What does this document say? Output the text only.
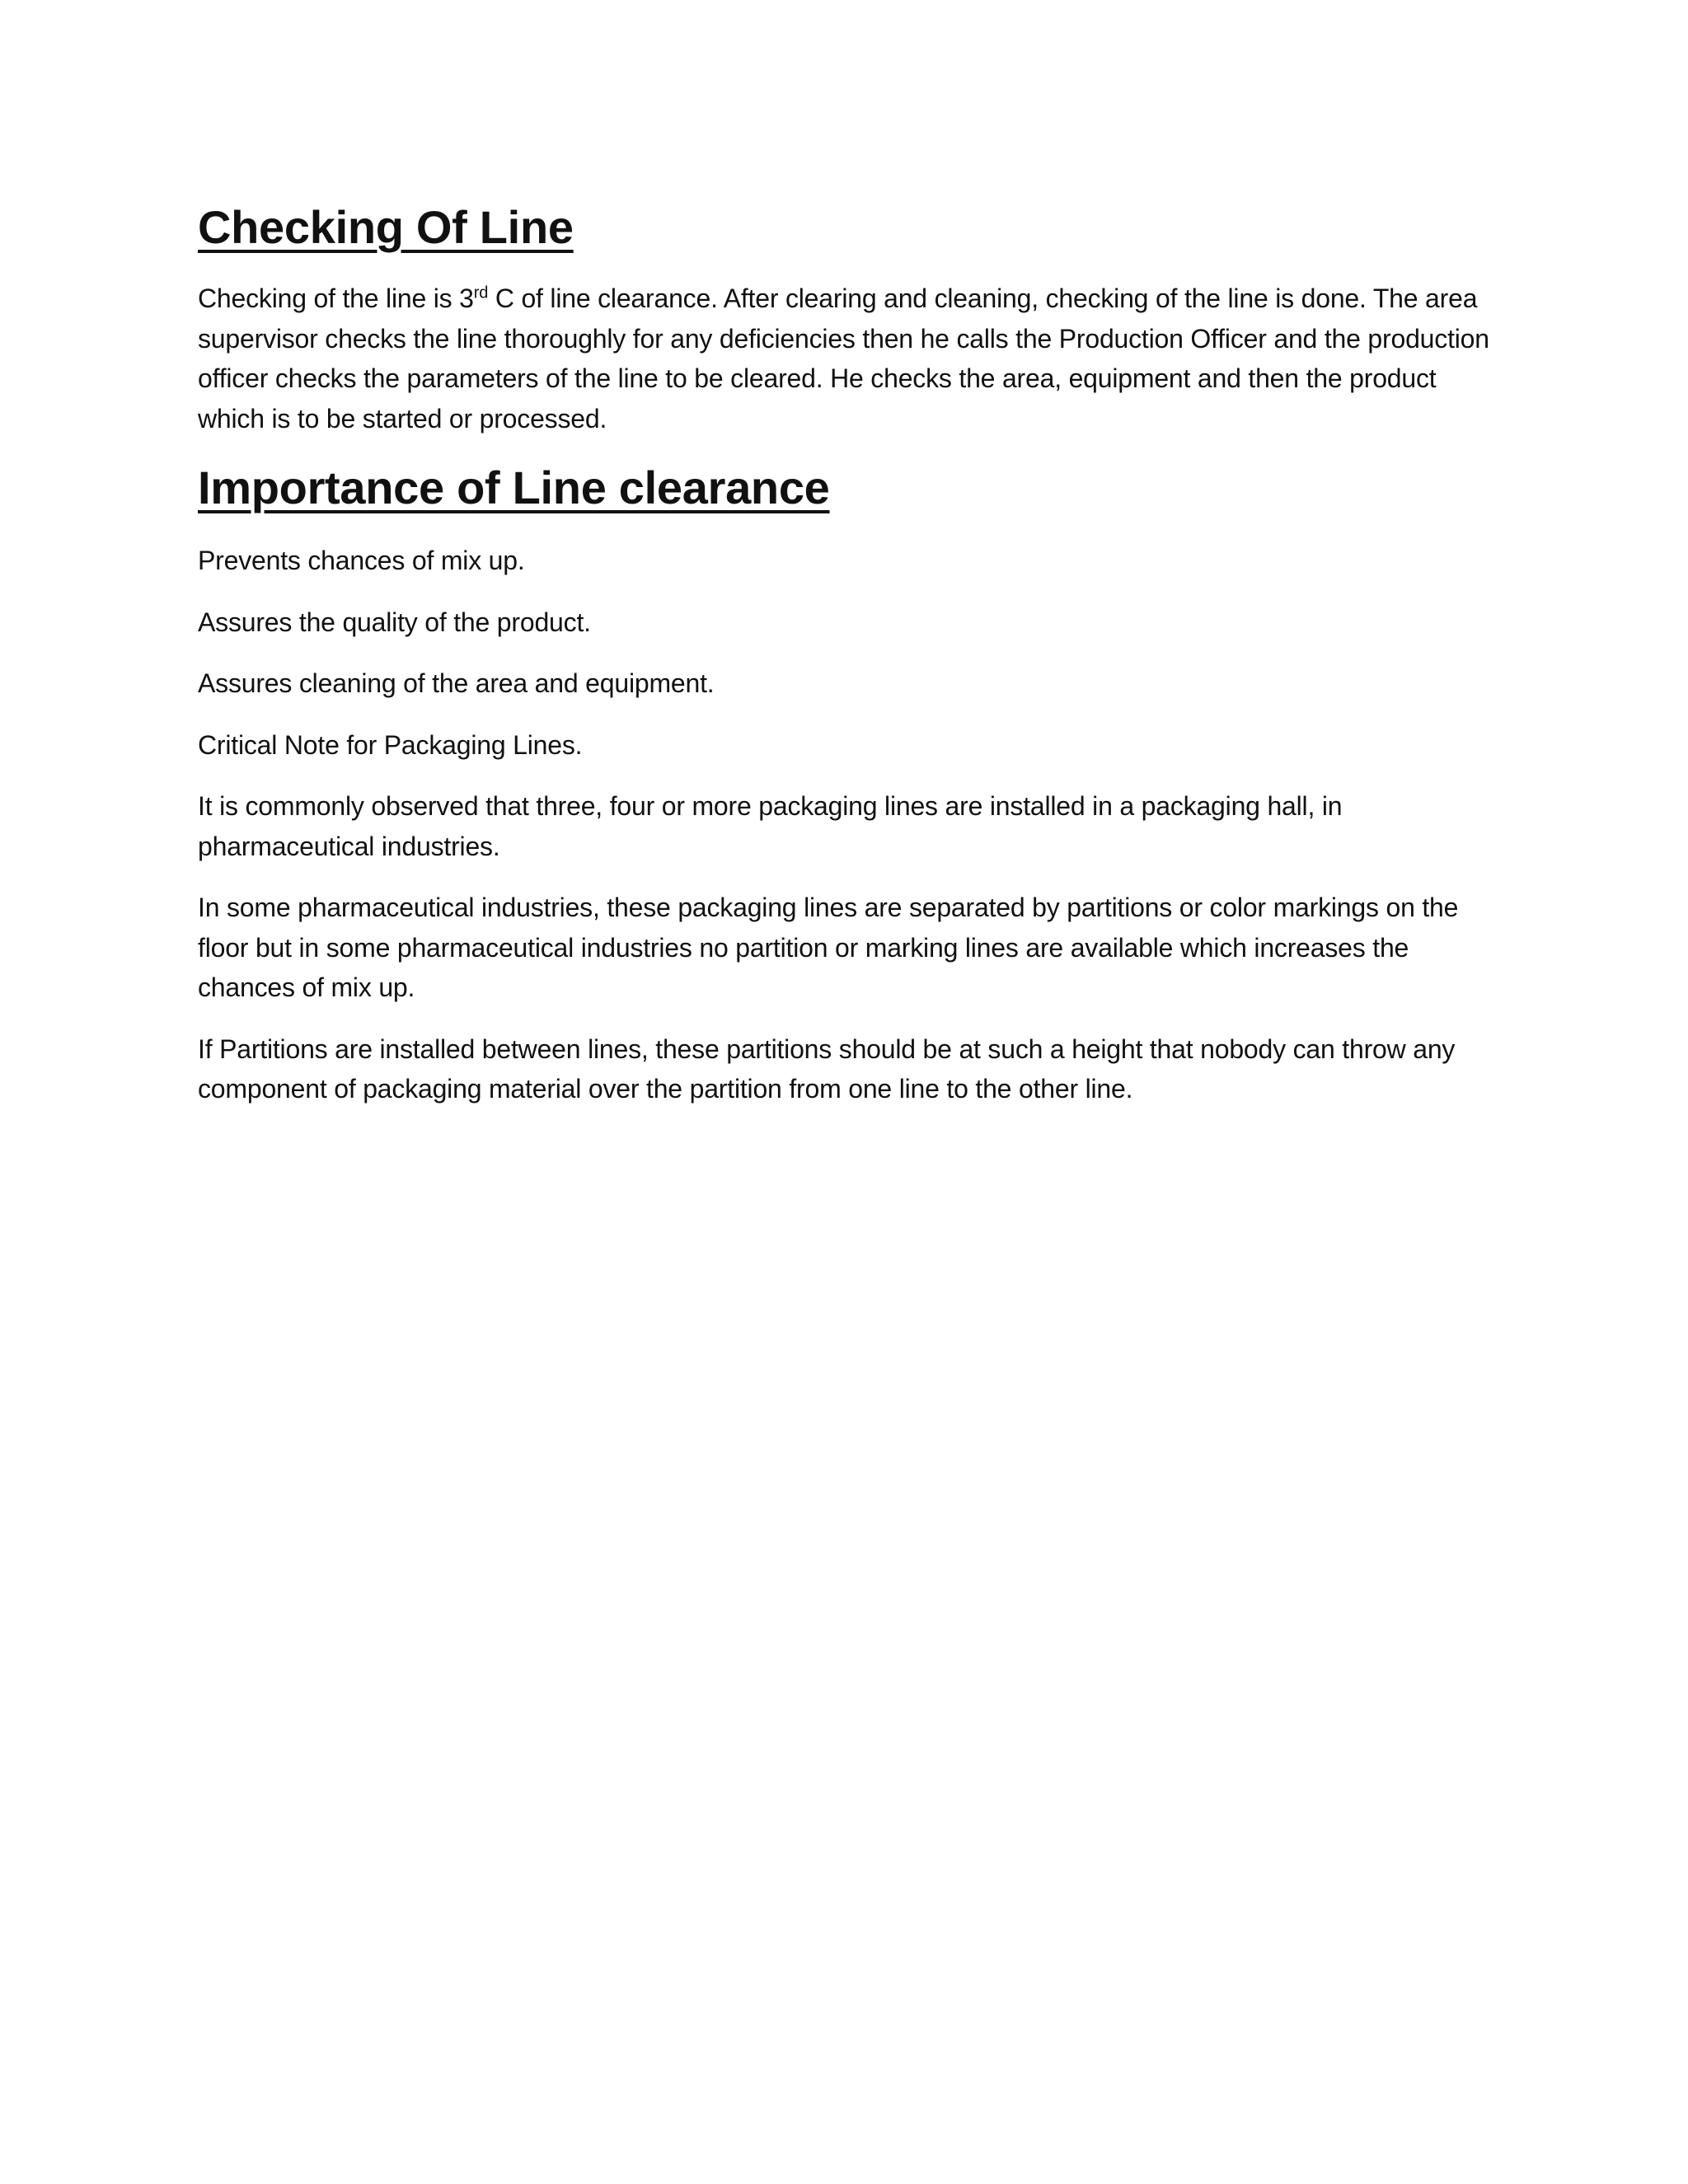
Checking Of Line

Checking of the line is 3rd C of line clearance. After clearing and cleaning, checking of the line is done. The area supervisor checks the line thoroughly for any deficiencies then he calls the Production Officer and the production officer checks the parameters of the line to be cleared. He checks the area, equipment and then the product which is to be started or processed.

Importance of Line clearance

Prevents chances of mix up.

Assures the quality of the product.

Assures cleaning of the area and equipment.

Critical Note for Packaging Lines.

It is commonly observed that three, four or more packaging lines are installed in a packaging hall, in pharmaceutical industries.

In some pharmaceutical industries, these packaging lines are separated by partitions or color markings on the floor but in some pharmaceutical industries no partition or marking lines are available which increases the chances of mix up.

If Partitions are installed between lines, these partitions should be at such a height that nobody can throw any component of packaging material over the partition from one line to the other line.
